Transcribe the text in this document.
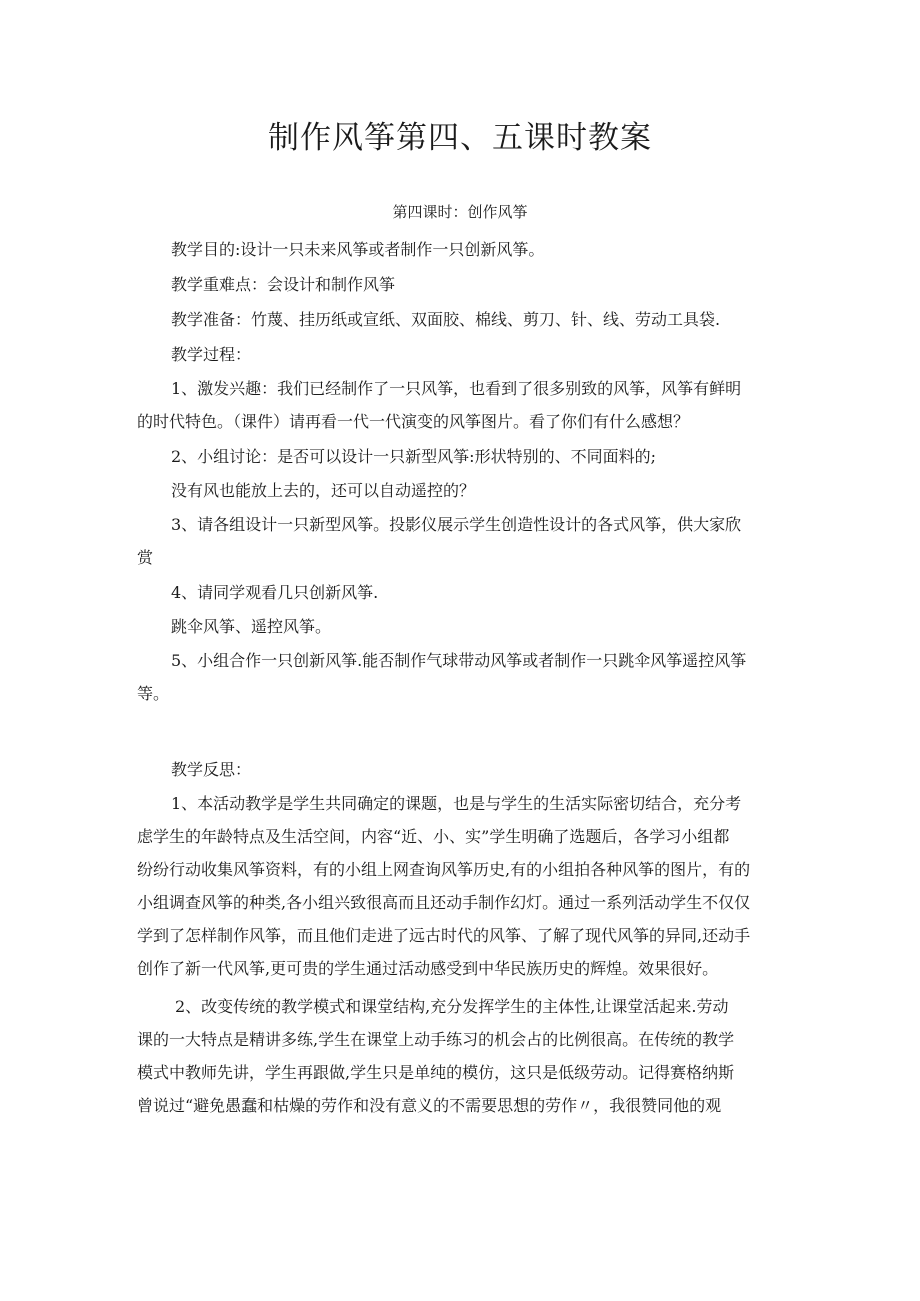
制作风筝第四、五课时教案
第四课时：创作风筝

教学目的:设计一只未来风筝或者制作一只创新风筝。

教学重难点：会设计和制作风筝

教学准备：竹蔑、挂历纸或宣纸、双面胶、棉线、剪刀、针、线、劳动工具袋.

教学过程：

1、激发兴趣：我们已经制作了一只风筝，也看到了很多别致的风筝，风筝有鲜明
的时代特色。（课件）请再看一代一代演变的风筝图片。看了你们有什么感想？

2、小组讨论：是否可以设计一只新型风筝:形状特别的、不同面料的;

没有风也能放上去的，还可以自动遥控的？

3、请各组设计一只新型风筝。投影仪展示学生创造性设计的各式风筝，供大家欣
赏

4、请同学观看几只创新风筝.

跳伞风筝、遥控风筝。

5、小组合作一只创新风筝.能否制作气球带动风筝或者制作一只跳伞风筝遥控风筝
等。

教学反思：

1、本活动教学是学生共同确定的课题，也是与学生的生活实际密切结合，充分考
虑学生的年龄特点及生活空间，内容“近、小、实”学生明确了选题后，各学习小组都
纷纷行动收集风筝资料，有的小组上网查询风筝历史,有的小组拍各种风筝的图片，有的
小组调查风筝的种类,各小组兴致很高而且还动手制作幻灯。通过一系列活动学生不仅仅
学到了怎样制作风筝，而且他们走进了远古时代的风筝、了解了现代风筝的异同,还动手
创作了新一代风筝,更可贵的学生通过活动感受到中华民族历史的辉煌。效果很好。

2、改变传统的教学模式和课堂结构,充分发挥学生的主体性,让课堂活起来.劳动
课的一大特点是精讲多练,学生在课堂上动手练习的机会占的比例很高。在传统的教学
模式中教师先讲，学生再跟做,学生只是单纯的模仿，这只是低级劳动。记得赛格纳斯
曾说过“避免愚蠢和枯燥的劳作和没有意义的不需要思想的劳作〃，我很赞同他的观
